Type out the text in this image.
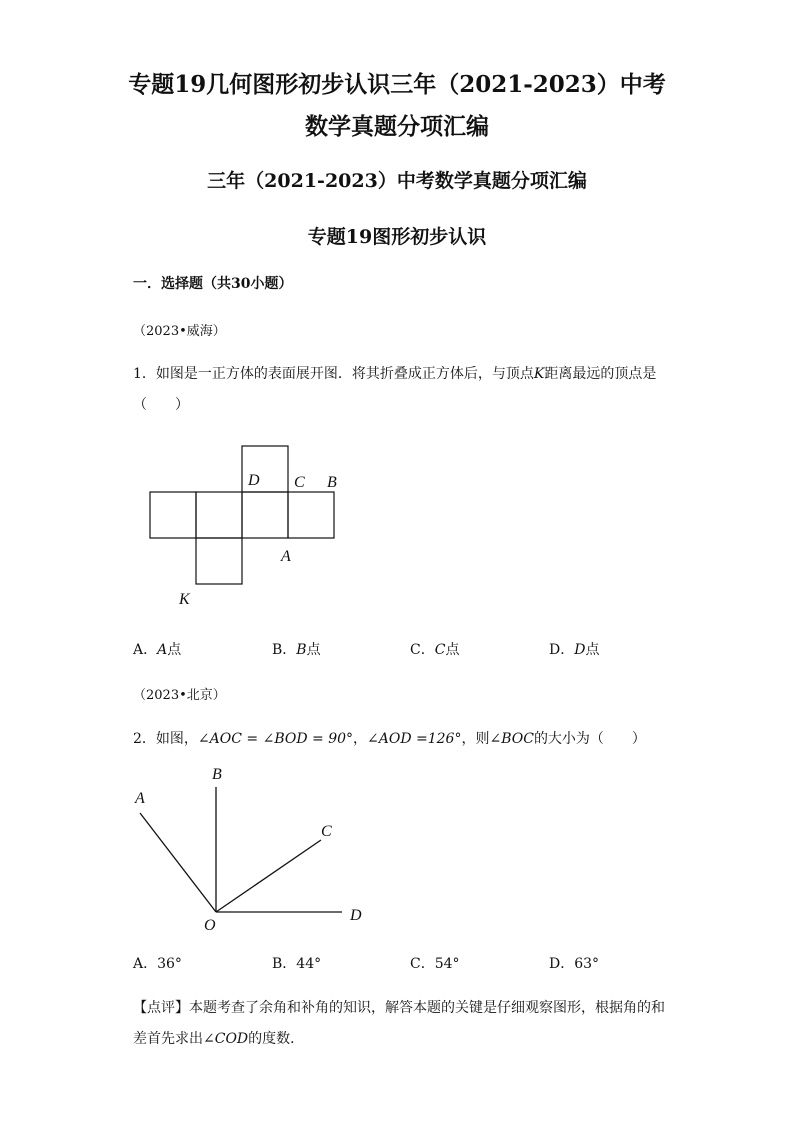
专题19几何图形初步认识三年（2021-2023）中考
数学真题分项汇编
三年（2021-2023）中考数学真题分项汇编
专题19图形初步认识
一．选择题（共30小题）
（2023•威海）
1．如图是一正方体的表面展开图．将其折叠成正方体后，与顶点K距离最远的顶点是
（　　）
D C B
A
K
A．A点	B．B点	C．C点	D．D点
（2023•北京）
2．如图，∠AOC = ∠BOD = 90°，∠AOD =126°，则∠BOC的大小为（　　）
A
B
C
D
O
A．36°	B．44°	C．54°	D．63°
【点评】本题考查了余角和补角的知识，解答本题的关键是仔细观察图形，根据角的和
差首先求出∠COD的度数．
